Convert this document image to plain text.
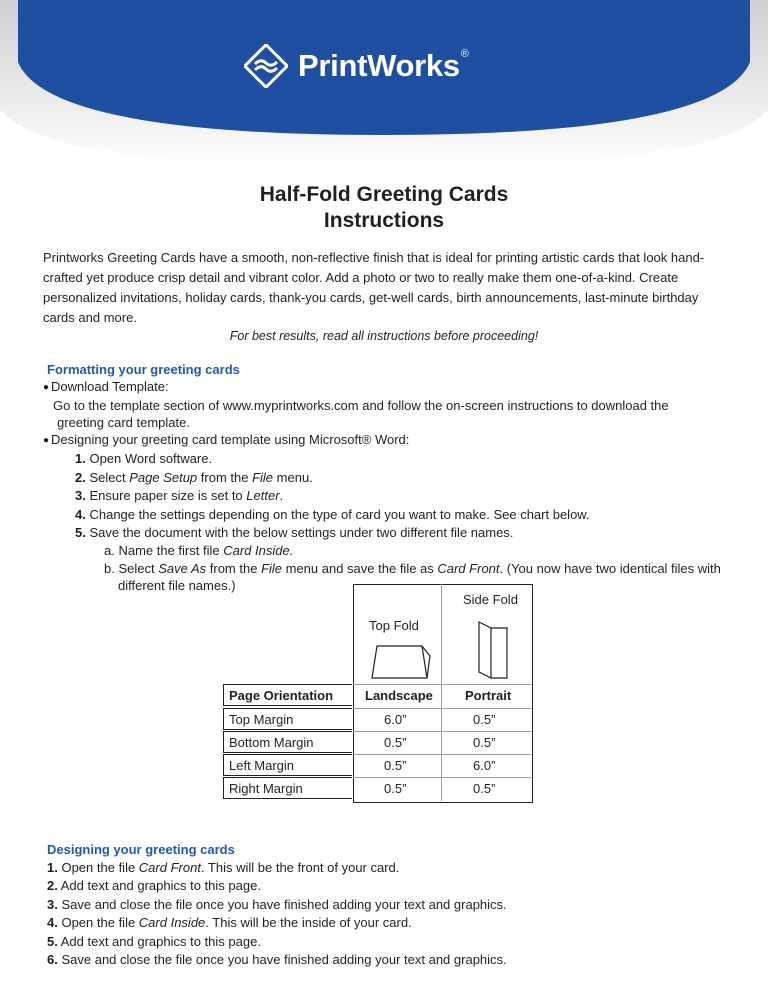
PrintWorks ®
Half-Fold Greeting Cards
Instructions
Printworks Greeting Cards have a smooth, non-reflective finish that is ideal for printing artistic cards that look hand-crafted yet produce crisp detail and vibrant color. Add a photo or two to really make them one-of-a-kind. Create personalized invitations, holiday cards, thank-you cards, get-well cards, birth announcements, last-minute birthday cards and more.
For best results, read all instructions before proceeding!
Formatting your greeting cards
● Download Template:
Go to the template section of www.myprintworks.com and follow the on-screen instructions to download the
greeting card template.
● Designing your greeting card template using Microsoft® Word:
1. Open Word software.
2. Select Page Setup from the File menu.
3. Ensure paper size is set to Letter.
4. Change the settings depending on the type of card you want to make. See chart below.
5. Save the document with the below settings under two different file names.
a. Name the first file Card Inside.
b. Select Save As from the File menu and save the file as Card Front. (You now have two identical files with
different file names.)
Side Fold
Top Fold
Page Orientation	Landscape Portrait
Top Margin	6.0”	0.5”
Bottom Margin	0.5”	0.5”
Left Margin	0.5”	6.0”
Right Margin	0.5”	0.5”
Designing your greeting cards
1. Open the file Card Front. This will be the front of your card.
2. Add text and graphics to this page.
3. Save and close the file once you have finished adding your text and graphics.
4. Open the file Card Inside. This will be the inside of your card.
5. Add text and graphics to this page.
6. Save and close the file once you have finished adding your text and graphics.
